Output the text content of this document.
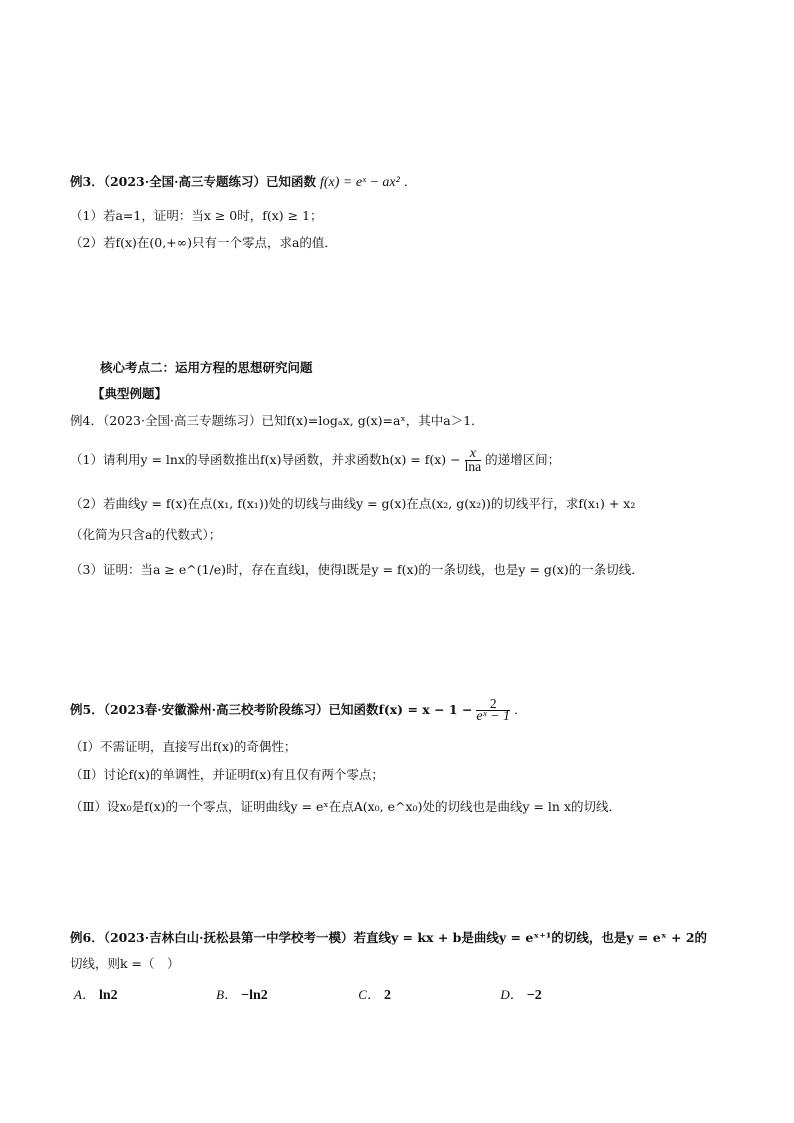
例3．（2023·全国·高三专题练习）已知函数 f(x) = eˣ − ax² ．
（1）若a=1，证明：当x ≥ 0时，f(x) ≥ 1；
（2）若f(x)在(0,+∞)只有一个零点，求a的值．
核心考点二：运用方程的思想研究问题
【典型例题】
例4．（2023·全国·高三专题练习）已知f(x)=logₐx, g(x)=aˣ，其中a＞1．
（1）请利用y = lnx的导函数推出f(x)导函数，并求函数$h(x) = f(x) - \frac{x}{\ln a}$ 的递增区间；
（2）若曲线y = f(x)在点(x₁, f(x₁))处的切线与曲线y = g(x)在点(x₂, g(x₂))的切线平行，求f(x₁) + x₂
（化简为只含a的代数式）；
（3）证明：当a ≥ e^(1/e)时，存在直线l，使得l既是y = f(x)的一条切线，也是y = g(x)的一条切线．
例5．（2023春·安徽滁州·高三校考阶段练习）已知函数$f(x) = x - 1 - \frac{2}{\text{eˣ − 1}}$ ．
（Ⅰ）不需证明，直接写出f(x)的奇偶性；
（Ⅱ）讨论f(x)的单调性，并证明f(x)有且仅有两个零点；
（Ⅲ）设x₀是f(x)的一个零点，证明曲线y = eˣ在点A(x₀, e^x₀)处的切线也是曲线y = ln x的切线．
例6．（2023·吉林白山·抚松县第一中学校考一模）若直线y = kx + b是曲线y = eˣ⁺¹的切线，也是y = eˣ + 2的
切线，则k =（　）
A． ln2	B． −ln2	C． 2	D． −2
